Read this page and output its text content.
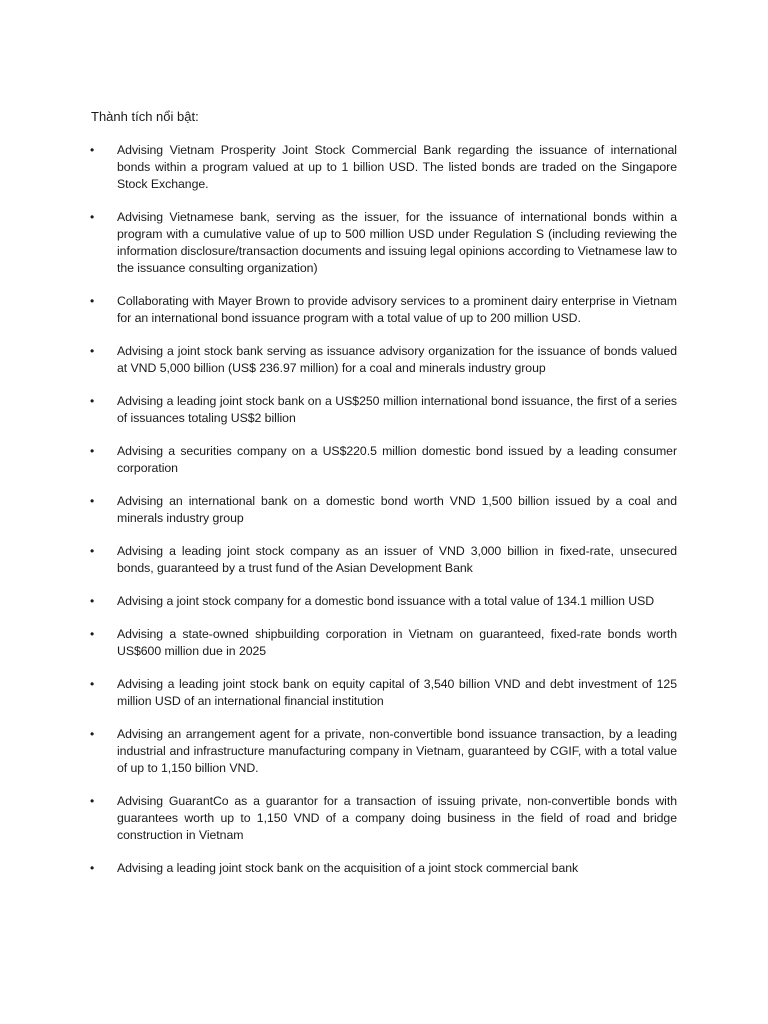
Thành tích nổi bật:

• Advising Vietnam Prosperity Joint Stock Commercial Bank regarding the issuance of international bonds within a program valued at up to 1 billion USD. The listed bonds are traded on the Singapore Stock Exchange.
• Advising Vietnamese bank, serving as the issuer, for the issuance of international bonds within a program with a cumulative value of up to 500 million USD under Regulation S (including reviewing the information disclosure/transaction documents and issuing legal opinions according to Vietnamese law to the issuance consulting organization)
• Collaborating with Mayer Brown to provide advisory services to a prominent dairy enterprise in Vietnam for an international bond issuance program with a total value of up to 200 million USD.
• Advising a joint stock bank serving as issuance advisory organization for the issuance of bonds valued at VND 5,000 billion (US$ 236.97 million) for a coal and minerals industry group
• Advising a leading joint stock bank on a US$250 million international bond issuance, the first of a series of issuances totaling US$2 billion
• Advising a securities company on a US$220.5 million domestic bond issued by a leading consumer corporation
• Advising an international bank on a domestic bond worth VND 1,500 billion issued by a coal and minerals industry group
• Advising a leading joint stock company as an issuer of VND 3,000 billion in fixed-rate, unsecured bonds, guaranteed by a trust fund of the Asian Development Bank
• Advising a joint stock company for a domestic bond issuance with a total value of 134.1 million USD
• Advising a state-owned shipbuilding corporation in Vietnam on guaranteed, fixed-rate bonds worth US$600 million due in 2025
• Advising a leading joint stock bank on equity capital of 3,540 billion VND and debt investment of 125 million USD of an international financial institution
• Advising an arrangement agent for a private, non-convertible bond issuance transaction, by a leading industrial and infrastructure manufacturing company in Vietnam, guaranteed by CGIF, with a total value of up to 1,150 billion VND.
• Advising GuarantCo as a guarantor for a transaction of issuing private, non-convertible bonds with guarantees worth up to 1,150 VND of a company doing business in the field of road and bridge construction in Vietnam
• Advising a leading joint stock bank on the acquisition of a joint stock commercial bank
